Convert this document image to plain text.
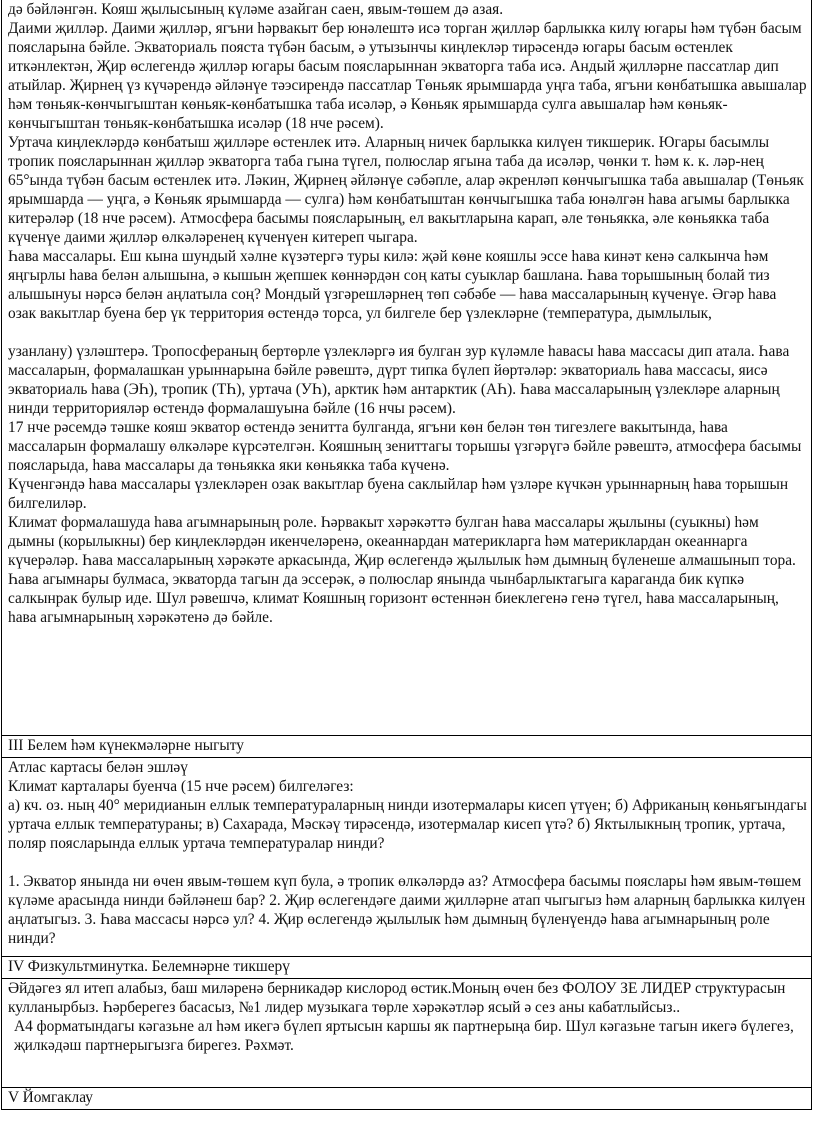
дә бәйләнгән. Кояш җылысының күләме азайган саен, явым-төшем дә азая.

Даими җилләр. Даими җилләр, ягъни һәрвакыт бер юнәлештә исә торган җилләр барлыкка килү югары һәм түбән басым поясларына бәйле. Экваториаль пояста түбән басым, ә утызынчы киңлекләр тирәсендә югары басым өстенлек иткәнлектән, Җир өслегендә җилләр югары басым поясларыннан экваторга таба исә. Андый җилләрне пассатлар дип атыйлар. Җирнең үз күчәрендә әйләнүе тәэсирендә пассатлар Төньяк ярымшарда уңга таба, ягъни көнбатышка авышалар һәм төньяк-көнчыгыштан көньяк-көнбатышка таба исәләр, ә Көньяк ярымшарда сулга авышалар һәм көньяк-көнчыгыштан төньяк-көнбатышка исәләр (18 нче рәсем).

Уртача киңлекләрдә көнбатыш җилләре өстенлек итә. Аларның ничек барлыкка килүен тикшерик. Югары басымлы тропик поясларыннан җилләр экваторга таба гына түгел, полюслар ягына таба да исәләр, чөнки т. һәм к. к. ләр-нең 65°ында түбән басым өстенлек итә. Ләкин, Җирнең әйләнүе сәбәпле, алар әкренләп көнчыгышка таба авышалар (Төньяк ярымшарда — уңга, ә Көньяк ярымшарда — сулга) һәм көнбатыштан көнчыгышка таба юнәлгән һава агымы барлыкка китерәләр (18 нче рәсем). Атмосфера басымы поясларының, ел вакытларына карап, әле төньякка, әле көньякка таба күченүе даими җилләр өлкәләренең күченүен китереп чыгара.

Һава массалары. Еш кына шундый хәлне күзәтергә туры килә: җәй көне кояшлы эссе һава кинәт кенә салкынча һәм яңгырлы һава белән алышына, ә кышын җепшек көннәрдән соң каты суыклар башлана. Һава торышының болай тиз алышынуы нәрсә белән аңлатыла соң? Мондый үзгәрешләрнең төп сәбәбе — һава массаларының күченүе. Әгәр һава озак вакытлар буена бер үк территория өстендә торса, ул билгеле бер үзлекләрне (температура, дымлылык,

узанлану) үзләштерә. Тропосфераның бертөрле үзлекләргә ия булган зур күләмле һавасы һава массасы дип атала. Һава массаларын, формалашкан урыннарына бәйле рәвештә, дүрт типка бүлеп йөртәләр: экваториаль һава массасы, яисә экваториаль һава (ЭҺ), тропик (ТҺ), уртача (УҺ), арктик һәм антарктик (АҺ). Һава массаларының үзлекләре аларның нинди территорияләр өстендә формалашуына бәйле (16 нчы рәсем).

17 нче рәсемдә тәшке кояш экватор өстендә зенитта булганда, ягъни көн белән төн тигезлеге вакытында, һава массаларын формалашу өлкәләре күрсәтелгән. Кояшның зениттагы торышы үзгәрүгә бәйле рәвештә, атмосфера басымы поясларыда, һава массалары да төньякка яки көньякка таба күченә.

Күченгәндә һава массалары үзлекләрен озак вакытлар буена саклыйлар һәм үзләре күчкән урыннарның һава торышын билгелиләр.

Климат формалашуда һава агымнарының роле. Һәрвакыт хәрәкәттә булган һава массалары җылыны (суыкны) һәм дымны (корылыкны) бер киңлекләрдән икенчеләренә, океаннардан материкларга һәм материклардан океаннарга күчерәләр. Һава массаларының хәрәкәте аркасында, Җир өслегендә җылылык һәм дымның бүленеше алмашынып тора. Һава агымнары булмаса, экваторда тагын да эссерәк, ә полюслар янында чынбарлыктагыга караганда бик күпкә салкынрак булыр иде. Шул рәвешчә, климат Кояшның горизонт өстеннән биеклегенә генә түгел, һава массаларының, һава агымнарының хәрәкәтенә дә бәйле.

III Белем һәм күнекмәләрне ныгыту

Атлас картасы белән эшләү

Климат карталары буенча (15 нче рәсем) билгеләгез:

а) кч. оз. ның 40° меридианын еллык температураларның нинди изотермалары кисеп үтүен; б) Африканың көньягындагы уртача еллык температураны; в) Сахарада, Мәскәү тирәсендә, изотермалар кисеп үтә? б) Яктылыкның тропик, уртача, поляр поясларында еллык уртача температуралар нинди?

1. Экватор янында ни өчен явым-төшем күп була, ә тропик өлкәләрдә аз? Атмосфера басымы пояслары һәм явым-төшем күләме арасында нинди бәйләнеш бар? 2. Җир өслегендәге даими җилләрне атап чыгыгыз һәм аларның барлыкка килүен аңлатыгыз. 3. Һава массасы нәрсә ул? 4. Җир өслегендә җылылык һәм дымның бүленүендә һава агымнарының роле нинди?

IV Физкультминутка. Белемнәрне тикшерү

Әйдәгез ял итеп алабыз, баш миләренә берникадәр кислород өстик.Моның өчен без ФОЛОУ ЗЕ ЛИДЕР структурасын кулланырбыз. Һәрберегез басасыз, №1 лидер музыкага төрле хәрәкәтләр ясый ә сез аны кабатлыйсыз..

А4 форматындагы кәгазьне ал һәм икегә бүлеп яртысын каршы як партнерыңа бир. Шул кәгазьне тагын икегә бүлегез, җилкәдәш партнерыгызга бирегез. Рәхмәт.

V Йомгаклау
